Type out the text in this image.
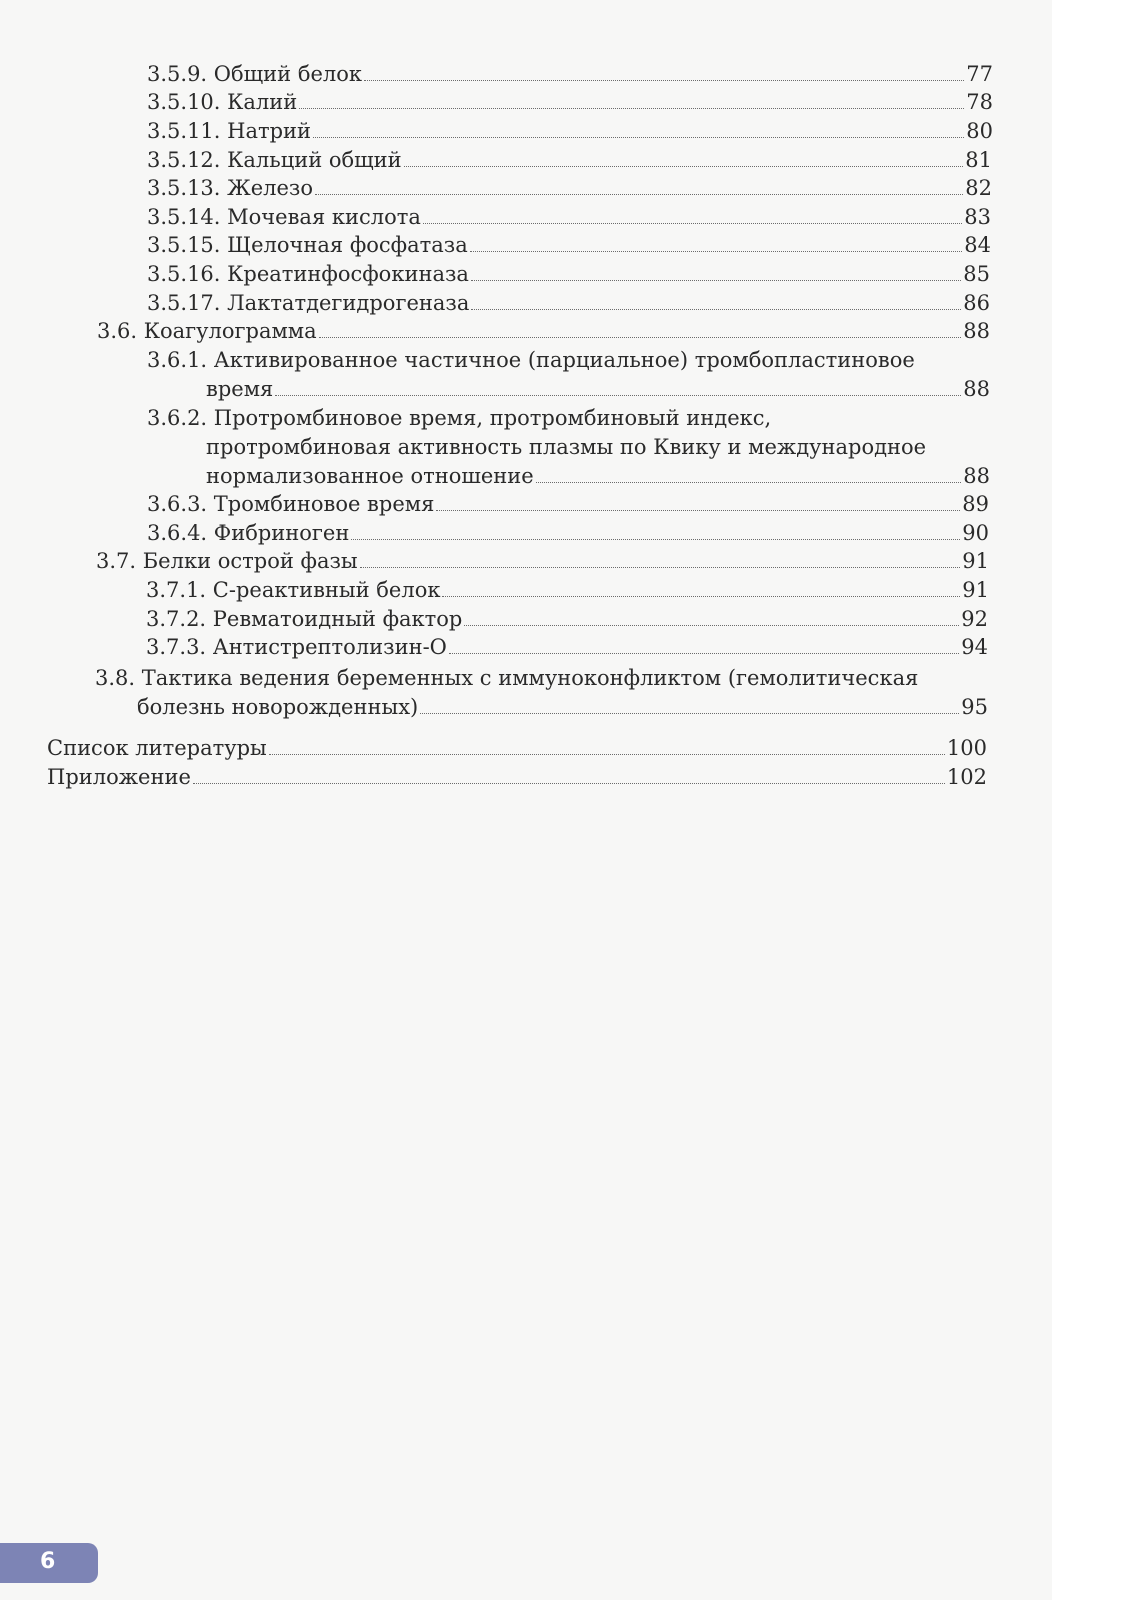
3.5.9. Общий белок	77
3.5.10. Калий	78
3.5.11. Натрий	80
3.5.12. Кальций общий	81
3.5.13. Железо	82
3.5.14. Мочевая кислота	83
3.5.15. Щелочная фосфатаза	84
3.5.16. Креатинфосфокиназа	85
3.5.17. Лактатдегидрогеназа	86
3.6. Коагулограмма	88
3.6.1. Активированное частичное (парциальное) тромбопластиновое
время	88
3.6.2. Протромбиновое время, протромбиновый индекс,
протромбиновая активность плазмы по Квику и международное
нормализованное отношение	88
3.6.3. Тромбиновое время	89
3.6.4. Фибриноген	90
3.7. Белки острой фазы	91
3.7.1. С-реактивный белок	91
3.7.2. Ревматоидный фактор	92
3.7.3. Антистрептолизин-О	94
3.8. Тактика ведения беременных с иммуноконфликтом (гемолитическая
болезнь новорожденных)	95
Список литературы	100
Приложение	102
6
